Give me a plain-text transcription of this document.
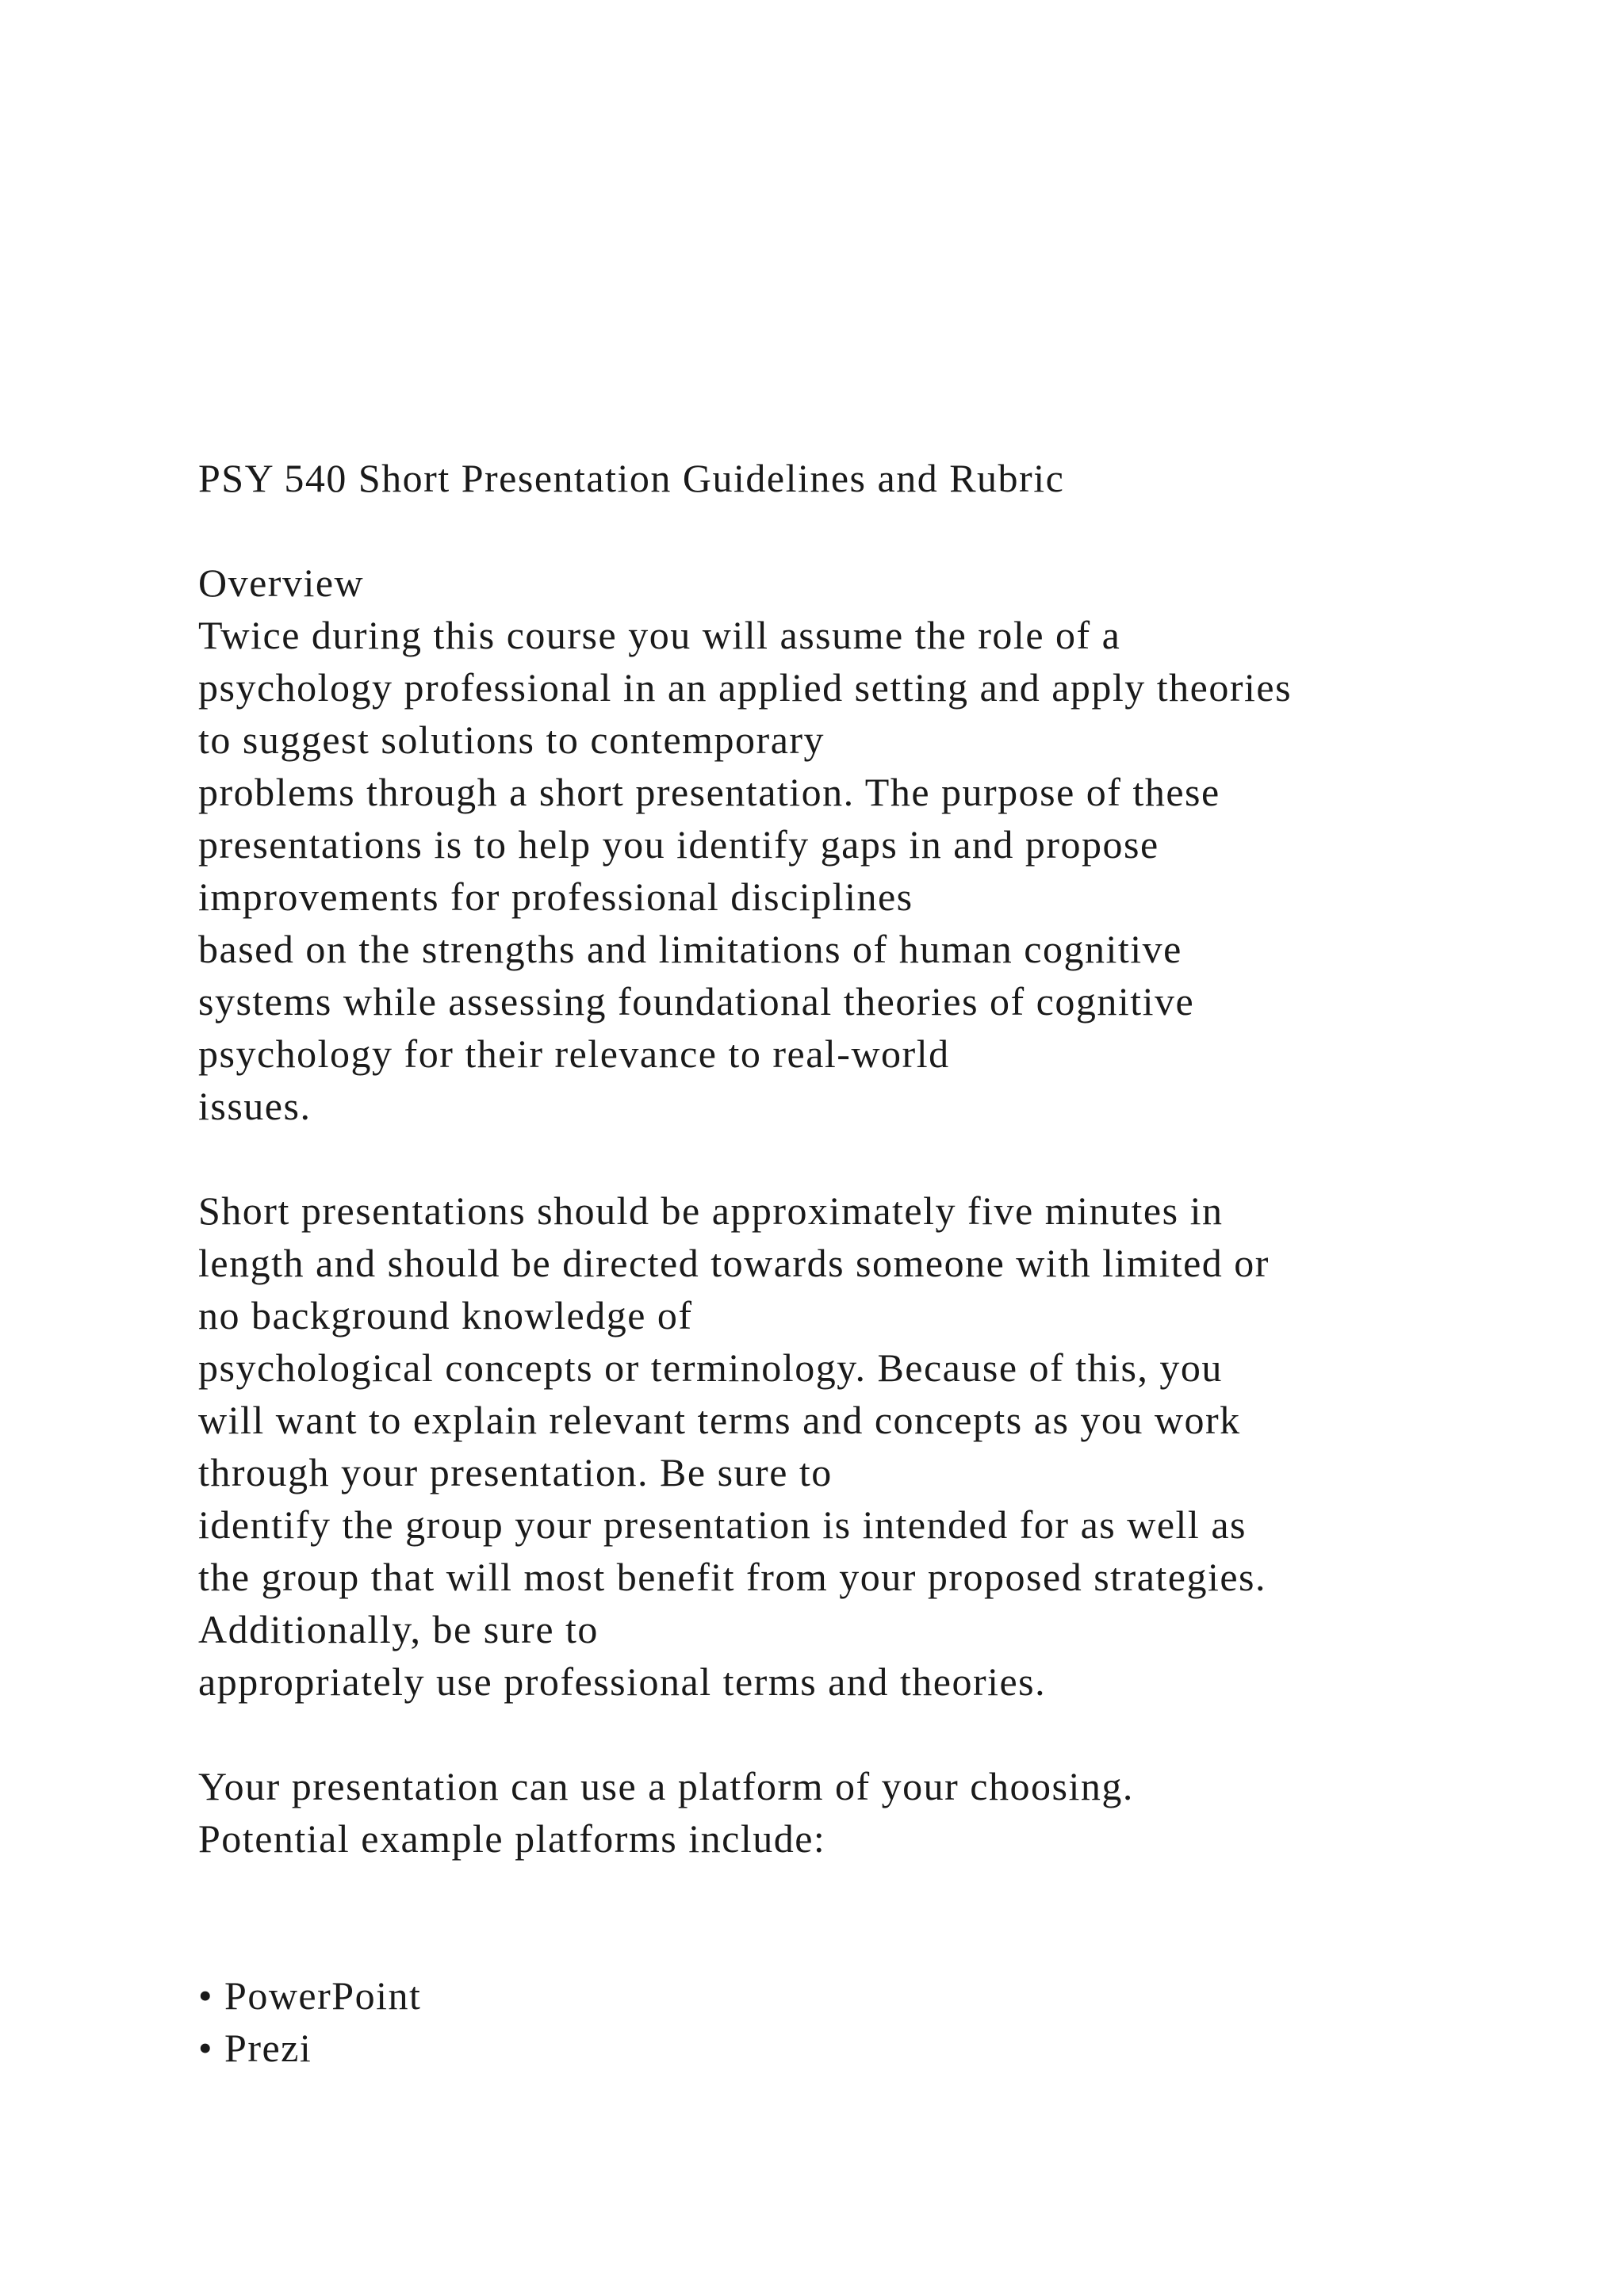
PSY 540 Short Presentation Guidelines and Rubric
Overview
Twice during this course you will assume the role of a
psychology professional in an applied setting and apply theories
to suggest solutions to contemporary
problems through a short presentation. The purpose of these
presentations is to help you identify gaps in and propose
improvements for professional disciplines
based on the strengths and limitations of human cognitive
systems while assessing foundational theories of cognitive
psychology for their relevance to real-world
issues.
Short presentations should be approximately five minutes in
length and should be directed towards someone with limited or
no background knowledge of
psychological concepts or terminology. Because of this, you
will want to explain relevant terms and concepts as you work
through your presentation. Be sure to
identify the group your presentation is intended for as well as
the group that will most benefit from your proposed strategies.
Additionally, be sure to
appropriately use professional terms and theories.
Your presentation can use a platform of your choosing.
Potential example platforms include:
• PowerPoint
• Prezi
